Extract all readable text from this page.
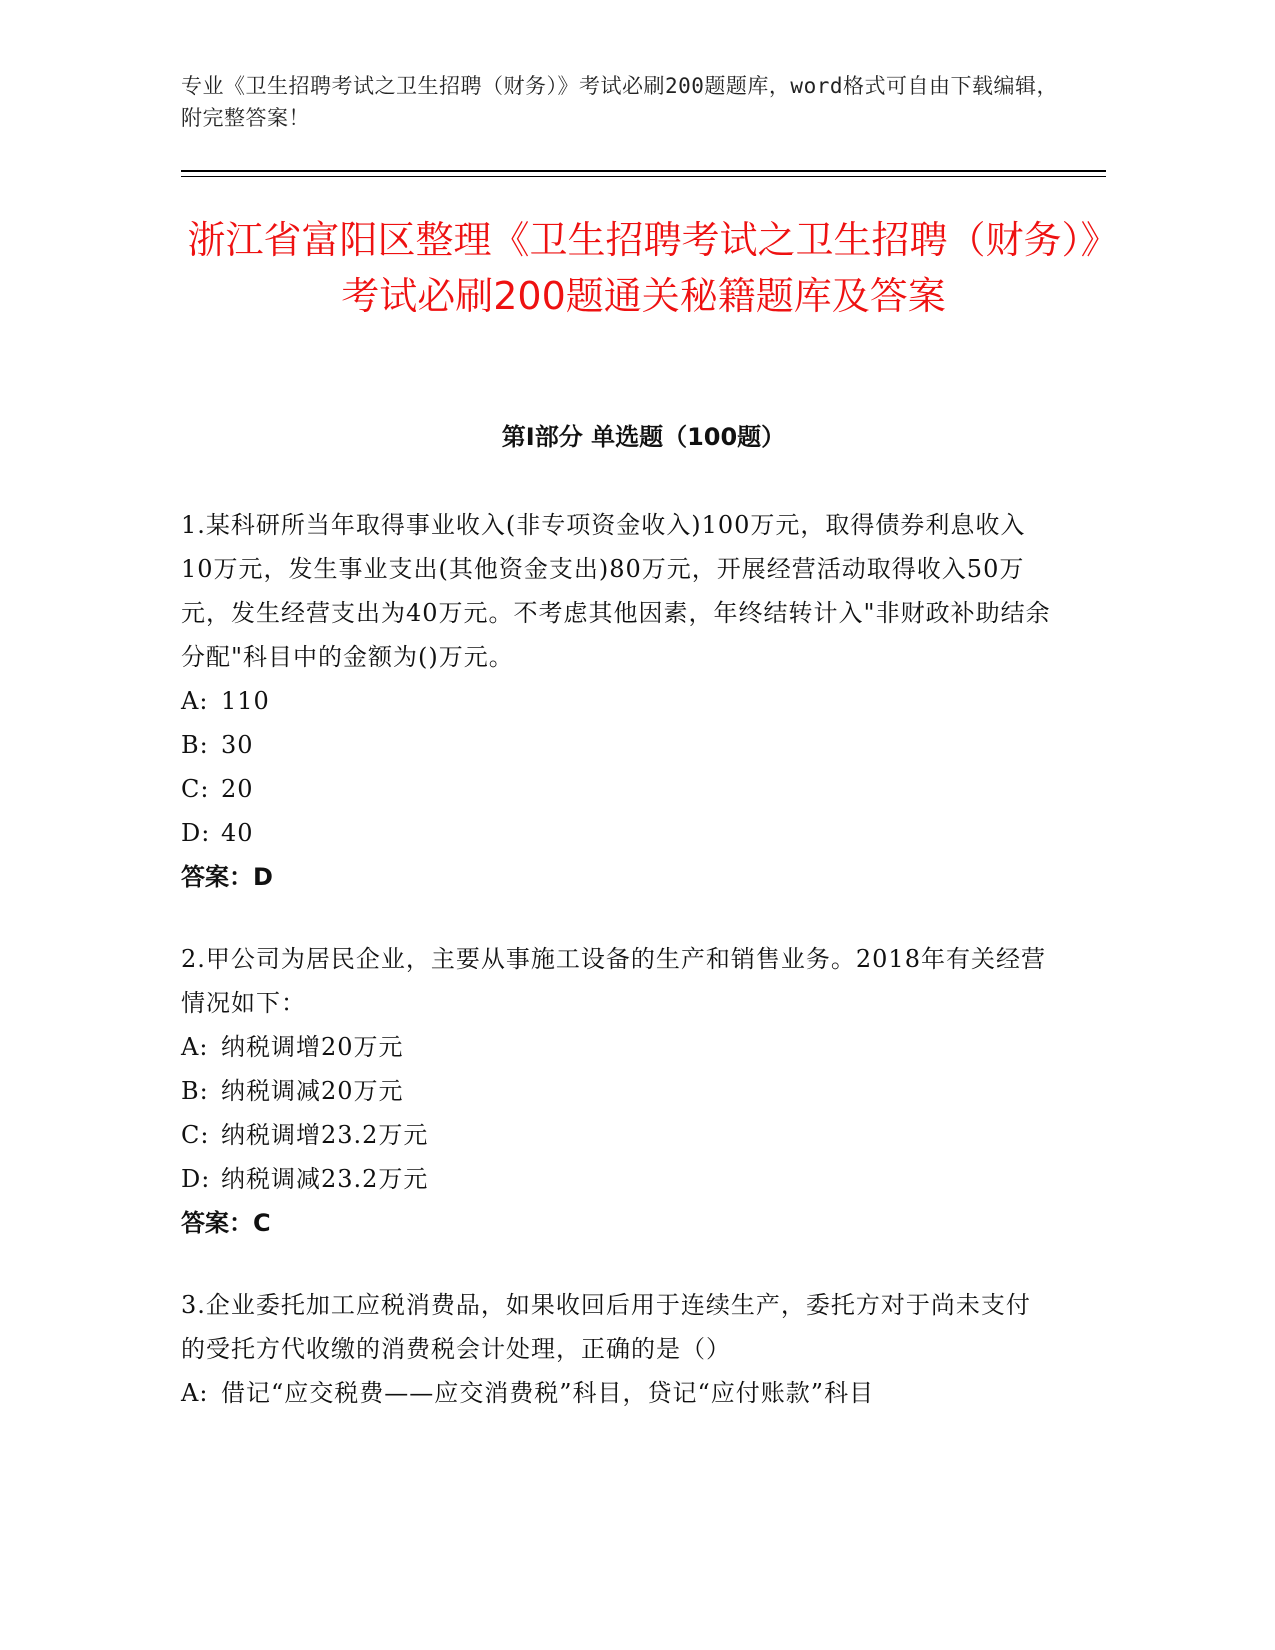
专业《卫生招聘考试之卫生招聘（财务）》考试必刷200题题库，word格式可自由下载编辑，附完整答案！
浙江省富阳区整理《卫生招聘考试之卫生招聘（财务）》考试必刷200题通关秘籍题库及答案
第Ⅰ部分 单选题（100题）

1.某科研所当年取得事业收入(非专项资金收入)100万元，取得债券利息收入10万元，发生事业支出(其他资金支出)80万元，开展经营活动取得收入50万元，发生经营支出为40万元。不考虑其他因素，年终结转计入"非财政补助结余分配"科目中的金额为()万元。

A: 110

B: 30

C: 20

D: 40

答案：D

2.甲公司为居民企业，主要从事施工设备的生产和销售业务。2018年有关经营情况如下：

A: 纳税调增20万元

B: 纳税调减20万元

C: 纳税调增23.2万元

D: 纳税调减23.2万元

答案：C

3.企业委托加工应税消费品，如果收回后用于连续生产，委托方对于尚未支付的受托方代收缴的消费税会计处理，正确的是（）

A: 借记“应交税费——应交消费税”科目，贷记“应付账款”科目
